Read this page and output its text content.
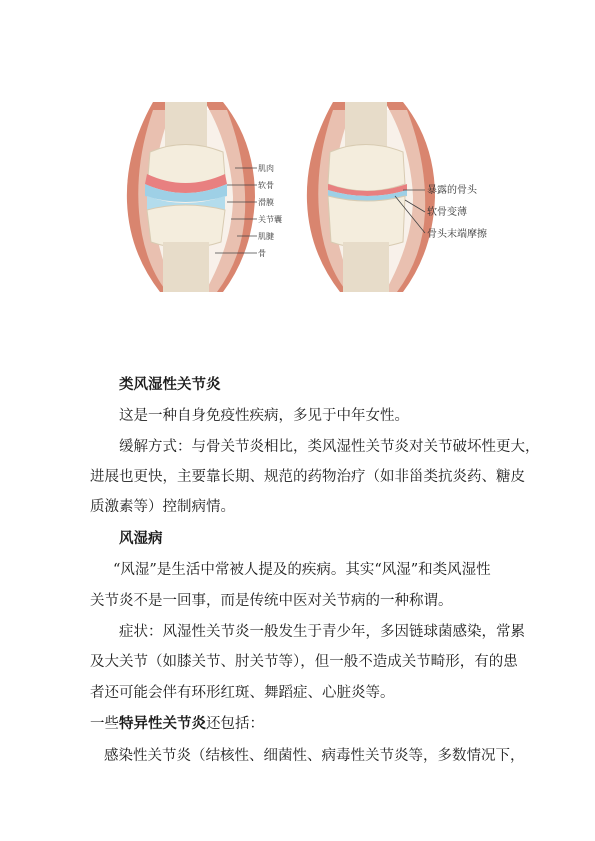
肌肉
软骨
滑膜
关节囊
肌腱
骨
暴露的骨头
软骨变薄
骨头末端摩擦
类风湿性关节炎
这是一种自身免疫性疾病，多见于中年女性。
缓解方式：与骨关节炎相比，类风湿性关节炎对关节破坏性更大，
进展也更快，主要靠长期、规范的药物治疗（如非甾类抗炎药、糖皮
质激素等）控制病情。
风湿病
“风湿”是生活中常被人提及的疾病。其实“风湿”和类风湿性
关节炎不是一回事，而是传统中医对关节病的一种称谓。
症状：风湿性关节炎一般发生于青少年，多因链球菌感染，常累
及大关节（如膝关节、肘关节等），但一般不造成关节畸形，有的患
者还可能会伴有环形红斑、舞蹈症、心脏炎等。
一些特异性关节炎还包括：
感染性关节炎（结核性、细菌性、病毒性关节炎等，多数情况下，
